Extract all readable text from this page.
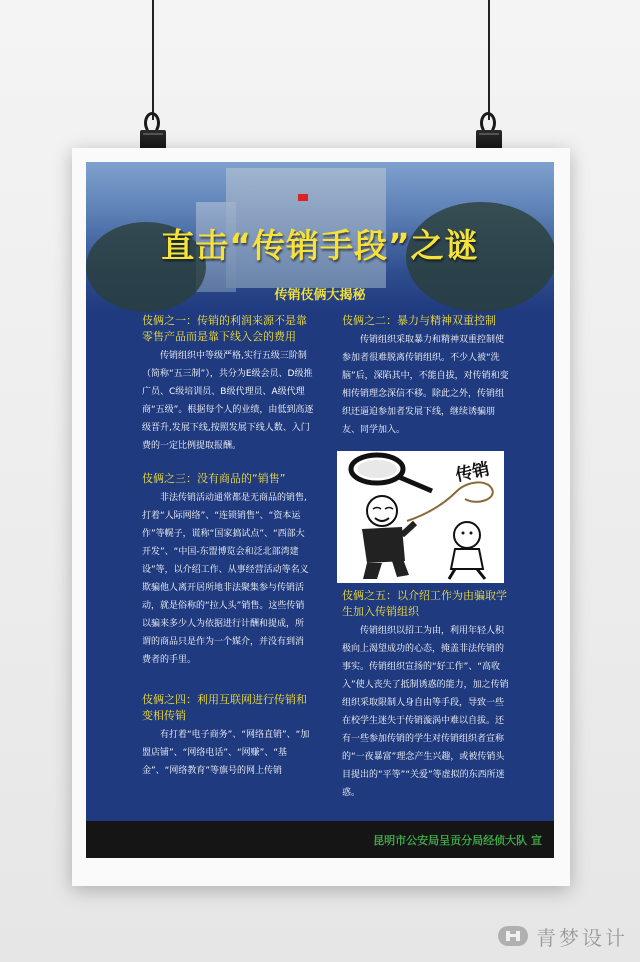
直击“传销手段”之谜
传销伎俩大揭秘
伎俩之一：传销的利润来源不是靠零售产品而是靠下线入会的费用

传销组织中等级严格,实行五级三阶制（简称“五三制”），共分为E级会员、D级推广员、C级培训员、B级代理员、A级代理商“五级”。根据每个人的业绩，由低到高逐级晋升,发展下线,按照发展下线人数、入门费的一定比例提取报酬。

伎俩之二：暴力与精神双重控制

传销组织采取暴力和精神双重控制使参加者很难脱离传销组织。不少人被“洗脑”后，深陷其中，不能自拔，对传销和变相传销理念深信不移。除此之外，传销组织还逼迫参加者发展下线，继续诱骗朋友、同学加入。

伎俩之三：没有商品的“销售”

非法传销活动通常都是无商品的销售,打着“人际网络”、“连锁销售”、“资本运作”等幌子，谎称“国家搞试点”、“西部大开发”、“中国-东盟博览会和泛北部湾建设”等，以介绍工作、从事经营活动等名义欺骗他人离开居所地非法聚集参与传销活动，就是俗称的“拉人头”销售。这些传销以骗来多少人为依据进行计酬和提成，所谓的商品只是作为一个媒介，并没有到消费者的手里。

伎俩之四：利用互联网进行传销和变相传销

有打着“电子商务”、“网络直销”、“加盟店铺”、“网络电话”、“网赚”、“基金”、“网络教育”等旗号的网上传销

传销
伎俩之五：以介绍工作为由骗取学生加入传销组织

传销组织以招工为由，利用年轻人积极向上渴望成功的心态，掩盖非法传销的事实。传销组织宣扬的“好工作”、“高收入”使人丧失了抵制诱惑的能力，加之传销组织采取限制人身自由等手段，导致一些在校学生迷失于传销漩涡中难以自拔。还有一些参加传销的学生对传销组织者宣称的“一夜暴富”理念产生兴趣，或被传销头目提出的“平等”“关爱”等虚拟的东西所迷惑。

昆明市公安局呈贡分局经侦大队 宣
青梦设计
